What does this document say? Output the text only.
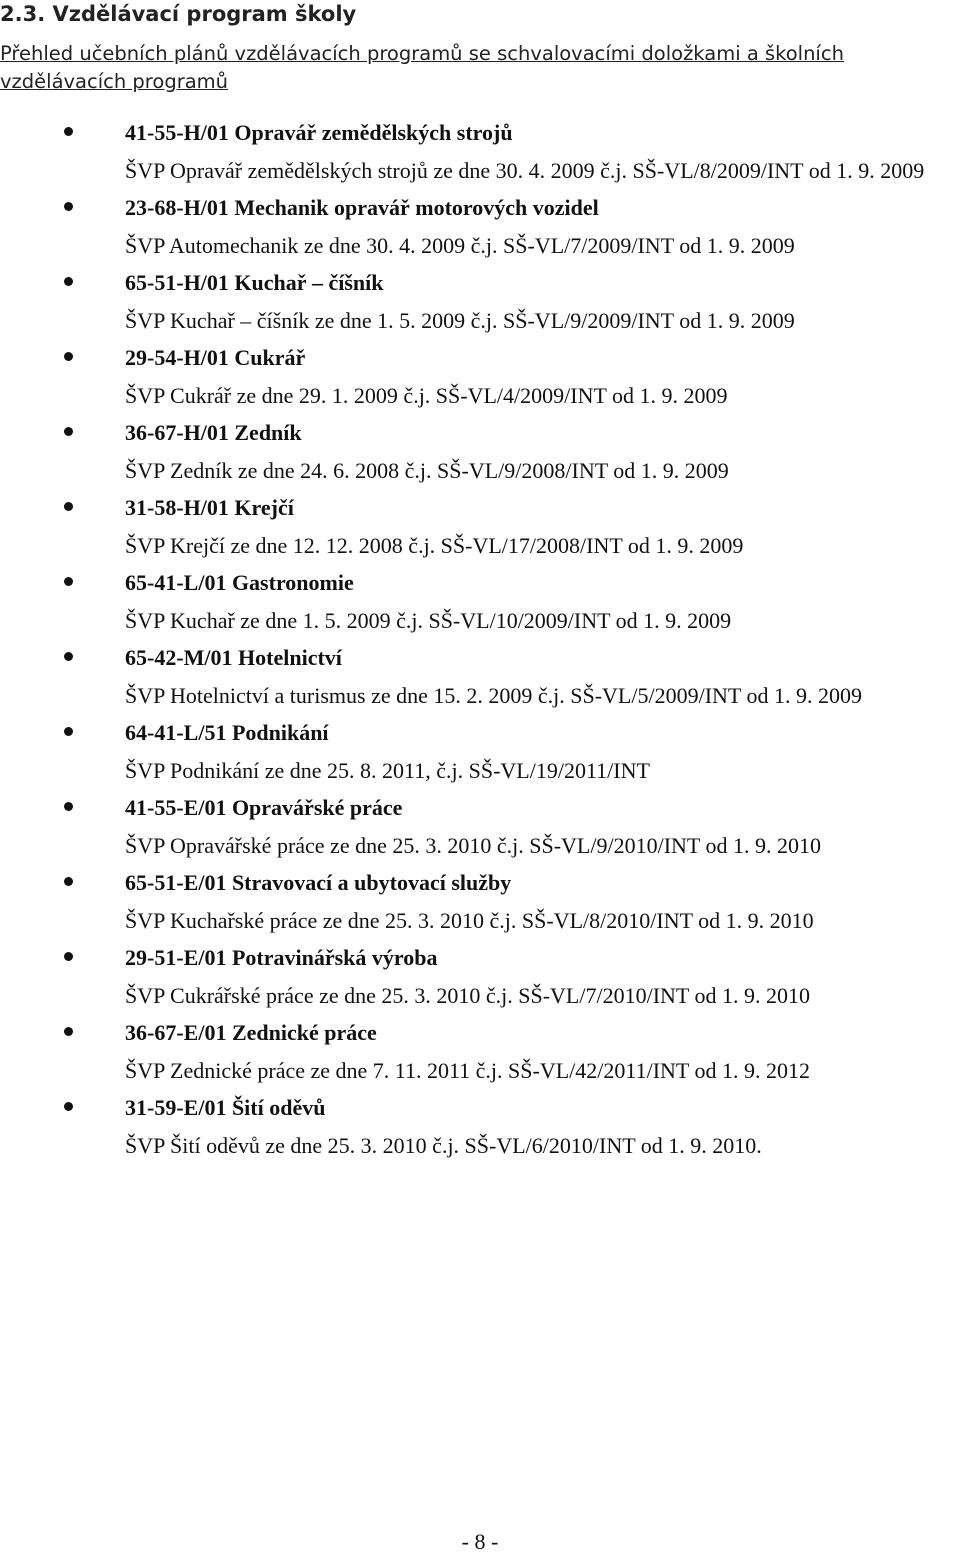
2.3. Vzdělávací program školy

Přehled učebních plánů vzdělávacích programů se schvalovacími doložkami a školních vzdělávacích programů

41-55-H/01 Opravář zemědělských strojů
ŠVP Opravář zemědělských strojů ze dne 30. 4. 2009 č.j. SŠ-VL/8/2009/INT od 1. 9. 2009
23-68-H/01 Mechanik opravář motorových vozidel
ŠVP Automechanik ze dne 30. 4. 2009 č.j. SŠ-VL/7/2009/INT od 1. 9. 2009
65-51-H/01 Kuchař – číšník
ŠVP Kuchař – číšník ze dne 1. 5. 2009 č.j. SŠ-VL/9/2009/INT od 1. 9. 2009
29-54-H/01 Cukrář
ŠVP Cukrář ze dne 29. 1. 2009 č.j. SŠ-VL/4/2009/INT od 1. 9. 2009
36-67-H/01 Zedník
ŠVP Zedník ze dne 24. 6. 2008 č.j. SŠ-VL/9/2008/INT od 1. 9. 2009
31-58-H/01 Krejčí
ŠVP Krejčí ze dne 12. 12. 2008 č.j. SŠ-VL/17/2008/INT od 1. 9. 2009
65-41-L/01 Gastronomie
ŠVP Kuchař ze dne 1. 5. 2009 č.j. SŠ-VL/10/2009/INT od 1. 9. 2009
65-42-M/01 Hotelnictví
ŠVP Hotelnictví a turismus ze dne 15. 2. 2009 č.j. SŠ-VL/5/2009/INT od 1. 9. 2009
64-41-L/51 Podnikání
ŠVP Podnikání ze dne 25. 8. 2011, č.j. SŠ-VL/19/2011/INT
41-55-E/01 Opravářské práce
ŠVP Opravářské práce ze dne 25. 3. 2010 č.j. SŠ-VL/9/2010/INT od 1. 9. 2010
65-51-E/01 Stravovací a ubytovací služby
ŠVP Kuchařské práce ze dne 25. 3. 2010 č.j. SŠ-VL/8/2010/INT od 1. 9. 2010
29-51-E/01 Potravinářská výroba
ŠVP Cukrářské práce ze dne 25. 3. 2010 č.j. SŠ-VL/7/2010/INT od 1. 9. 2010
36-67-E/01 Zednické práce
ŠVP Zednické práce ze dne 7. 11. 2011 č.j. SŠ-VL/42/2011/INT od 1. 9. 2012
31-59-E/01 Šití oděvů
ŠVP Šití oděvů ze dne 25. 3. 2010 č.j. SŠ-VL/6/2010/INT od 1. 9. 2010.
- 8 -
